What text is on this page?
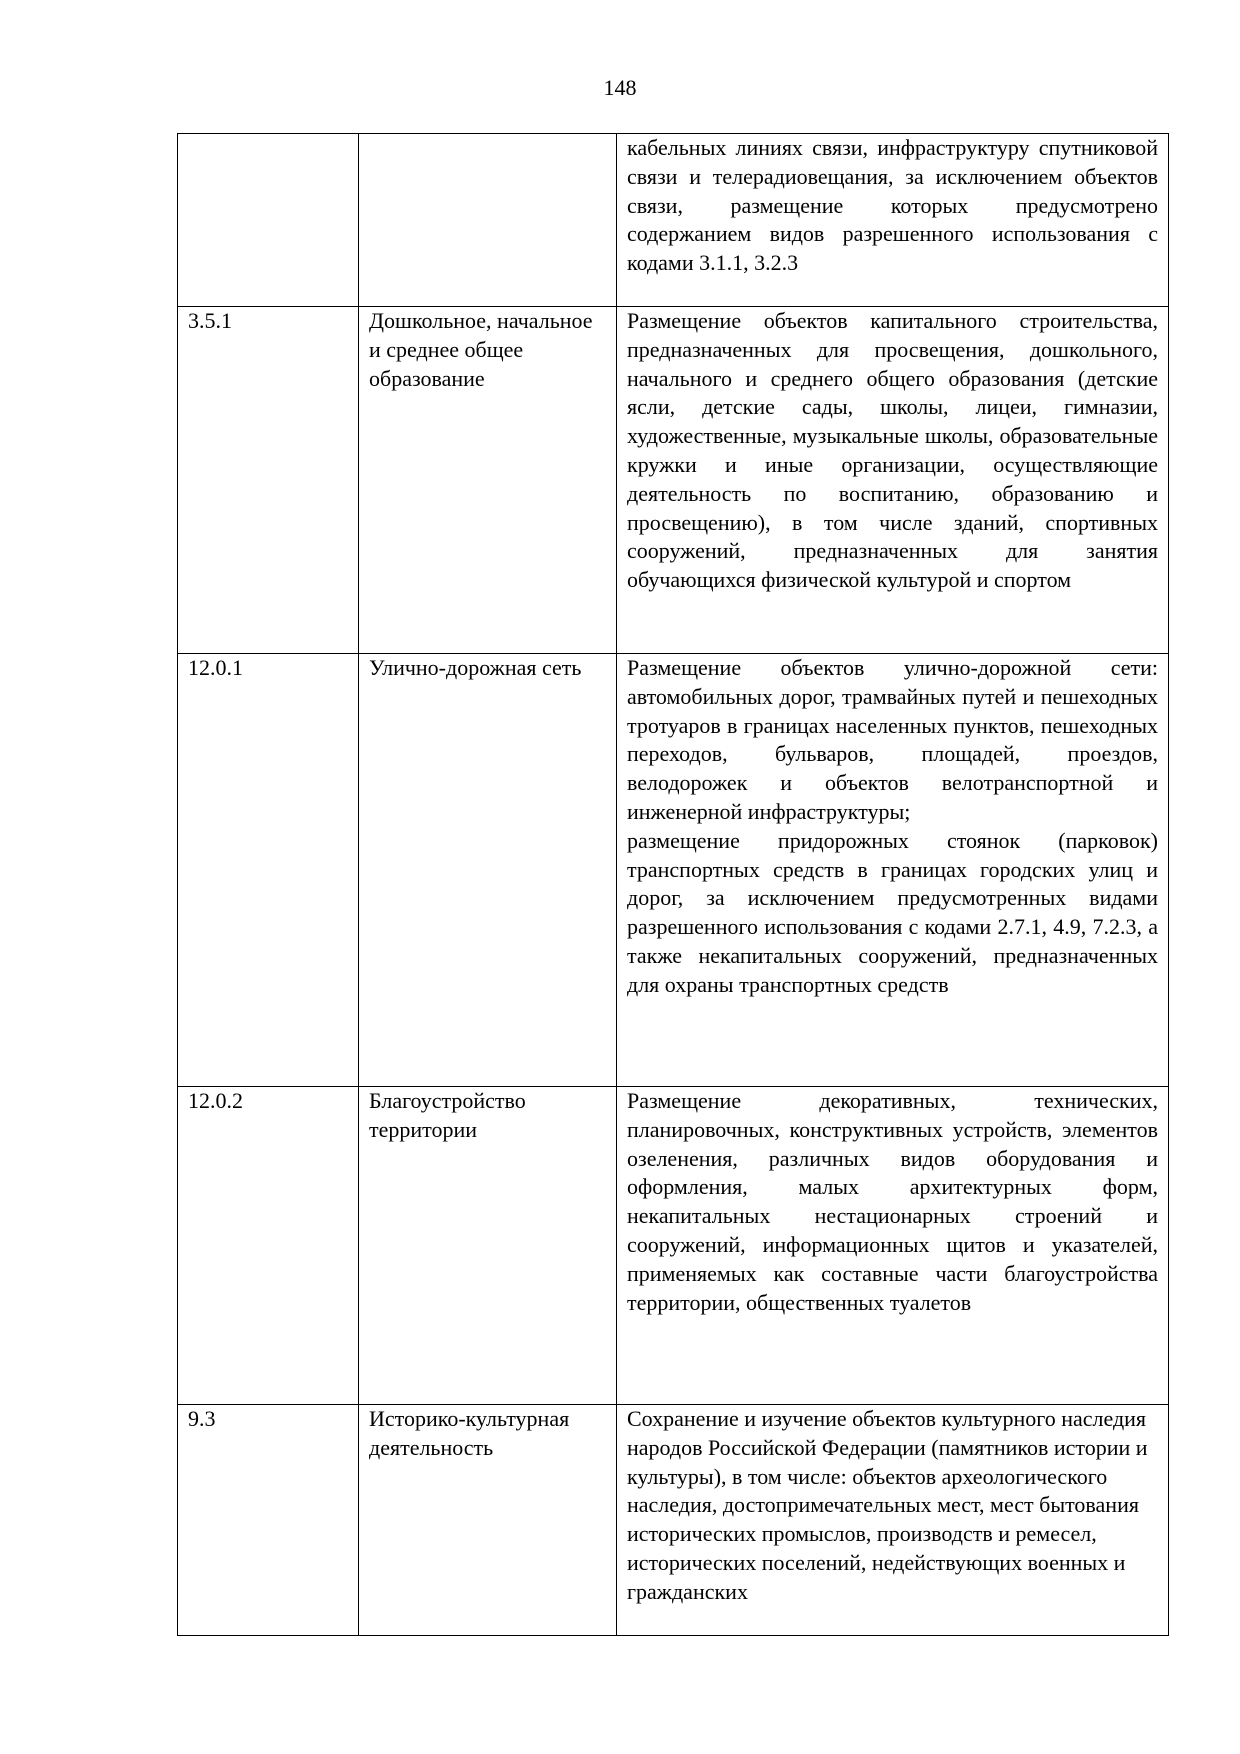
148

		кабельных линиях связи, инфраструктуру спутниковой связи и телерадиовещания, за исключением объектов связи, размещение которых предусмотрено содержанием видов разрешенного использования с кодами 3.1.1, 3.2.3

3.5.1	Дошкольное, начальное и среднее общее образование	Размещение объектов капитального строительства, предназначенных для просвещения, дошкольного, начального и среднего общего образования (детские ясли, детские сады, школы, лицеи, гимназии, художественные, музыкальные школы, образовательные кружки и иные организации, осуществляющие деятельность по воспитанию, образованию и просвещению), в том числе зданий, спортивных сооружений, предназначенных для занятия обучающихся физической культурой и спортом

12.0.1	Улично-дорожная сеть	Размещение объектов улично-дорожной сети: автомобильных дорог, трамвайных путей и пешеходных тротуаров в границах населенных пунктов, пешеходных переходов, бульваров, площадей, проездов, велодорожек и объектов велотранспортной и инженерной инфраструктуры;
размещение придорожных стоянок (парковок) транспортных средств в границах городских улиц и дорог, за исключением предусмотренных видами разрешенного использования с кодами 2.7.1, 4.9, 7.2.3, а также некапитальных сооружений, предназначенных для охраны транспортных средств

12.0.2	Благоустройство территории	Размещение декоративных, технических, планировочных, конструктивных устройств, элементов озеленения, различных видов оборудования и оформления, малых архитектурных форм, некапитальных нестационарных строений и сооружений, информационных щитов и указателей, применяемых как составные части благоустройства территории, общественных туалетов

9.3	Историко-культурная деятельность	Сохранение и изучение объектов культурного наследия народов Российской Федерации (памятников истории и культуры), в том числе: объектов археологического наследия, достопримечательных мест, мест бытования исторических промыслов, производств и ремесел, исторических поселений, недействующих военных и гражданских
